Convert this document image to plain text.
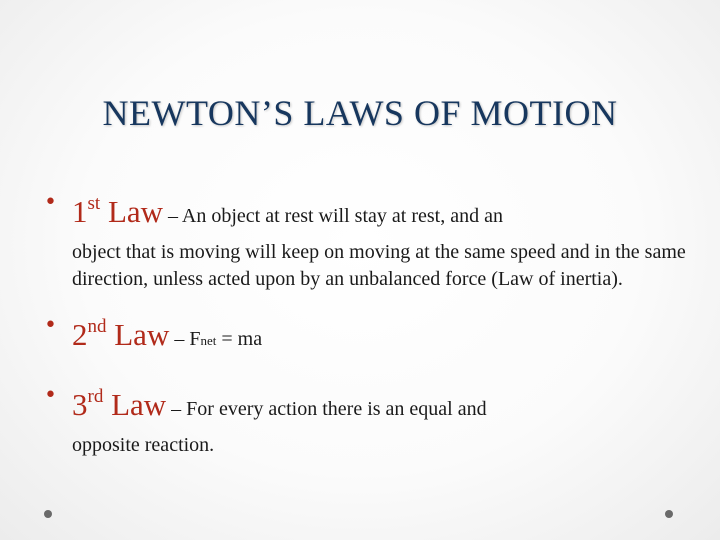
NEWTON’S LAWS OF MOTION
• 1st Law – An object at rest will stay at rest, and an
object that is moving will keep on moving at the same speed and in the same direction, unless acted upon by an unbalanced force (Law of inertia).
• 2nd Law – Fnet = ma
• 3rd Law – For every action there is an equal and
opposite reaction.
